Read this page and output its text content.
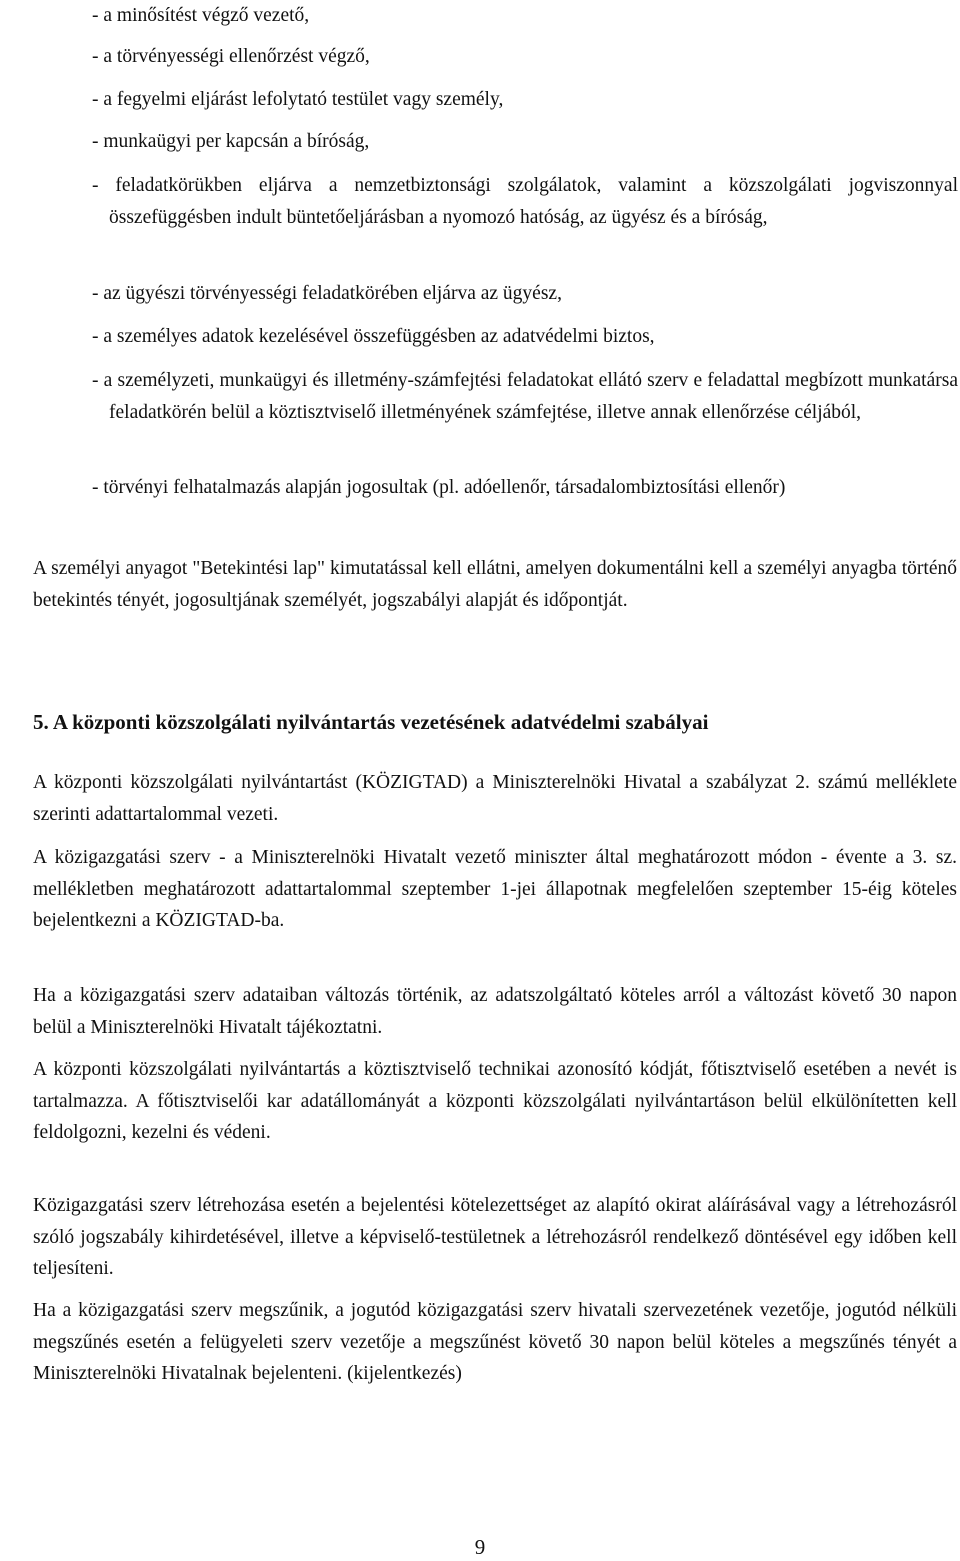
- a minősítést végző vezető,
- a törvényességi ellenőrzést végző,
- a fegyelmi eljárást lefolytató testület vagy személy,
- munkaügyi per kapcsán a bíróság,
- feladatkörükben eljárva a nemzetbiztonsági szolgálatok, valamint a közszolgálati jogviszonnyal összefüggésben indult büntetőeljárásban a nyomozó hatóság, az ügyész és a bíróság,
- az ügyészi törvényességi feladatkörében eljárva az ügyész,
- a személyes adatok kezelésével összefüggésben az adatvédelmi biztos,
- a személyzeti, munkaügyi és illetmény-számfejtési feladatokat ellátó szerv e feladattal megbízott munkatársa feladatkörén belül a köztisztviselő illetményének számfejtése, illetve annak ellenőrzése céljából,
- törvényi felhatalmazás alapján jogosultak (pl. adóellenőr, társadalombiztosítási ellenőr)

A személyi anyagot "Betekintési lap" kimutatással kell ellátni, amelyen dokumentálni kell a személyi anyagba történő betekintés tényét, jogosultjának személyét, jogszabályi alapját és időpontját.

5. A központi közszolgálati nyilvántartás vezetésének adatvédelmi szabályai

A központi közszolgálati nyilvántartást (KÖZIGTAD) a Miniszterelnöki Hivatal a szabályzat 2. számú melléklete szerinti adattartalommal vezeti.

A közigazgatási szerv - a Miniszterelnöki Hivatalt vezető miniszter által meghatározott módon - évente a 3. sz. mellékletben meghatározott adattartalommal szeptember 1-jei állapotnak megfelelően szeptember 15-éig köteles bejelentkezni a KÖZIGTAD-ba.

Ha a közigazgatási szerv adataiban változás történik, az adatszolgáltató köteles arról a változást követő 30 napon belül a Miniszterelnöki Hivatalt tájékoztatni.

A központi közszolgálati nyilvántartás a köztisztviselő technikai azonosító kódját, főtisztviselő esetében a nevét is tartalmazza. A főtisztviselői kar adatállományát a központi közszolgálati nyilvántartáson belül elkülönítetten kell feldolgozni, kezelni és védeni.

Közigazgatási szerv létrehozása esetén a bejelentési kötelezettséget az alapító okirat aláírásával vagy a létrehozásról szóló jogszabály kihirdetésével, illetve a képviselő-testületnek a létrehozásról rendelkező döntésével egy időben kell teljesíteni.

Ha a közigazgatási szerv megszűnik, a jogutód közigazgatási szerv hivatali szervezetének vezetője, jogutód nélküli megszűnés esetén a felügyeleti szerv vezetője a megszűnést követő 30 napon belül köteles a megszűnés tényét a Miniszterelnöki Hivatalnak bejelenteni. (kijelentkezés)

9
